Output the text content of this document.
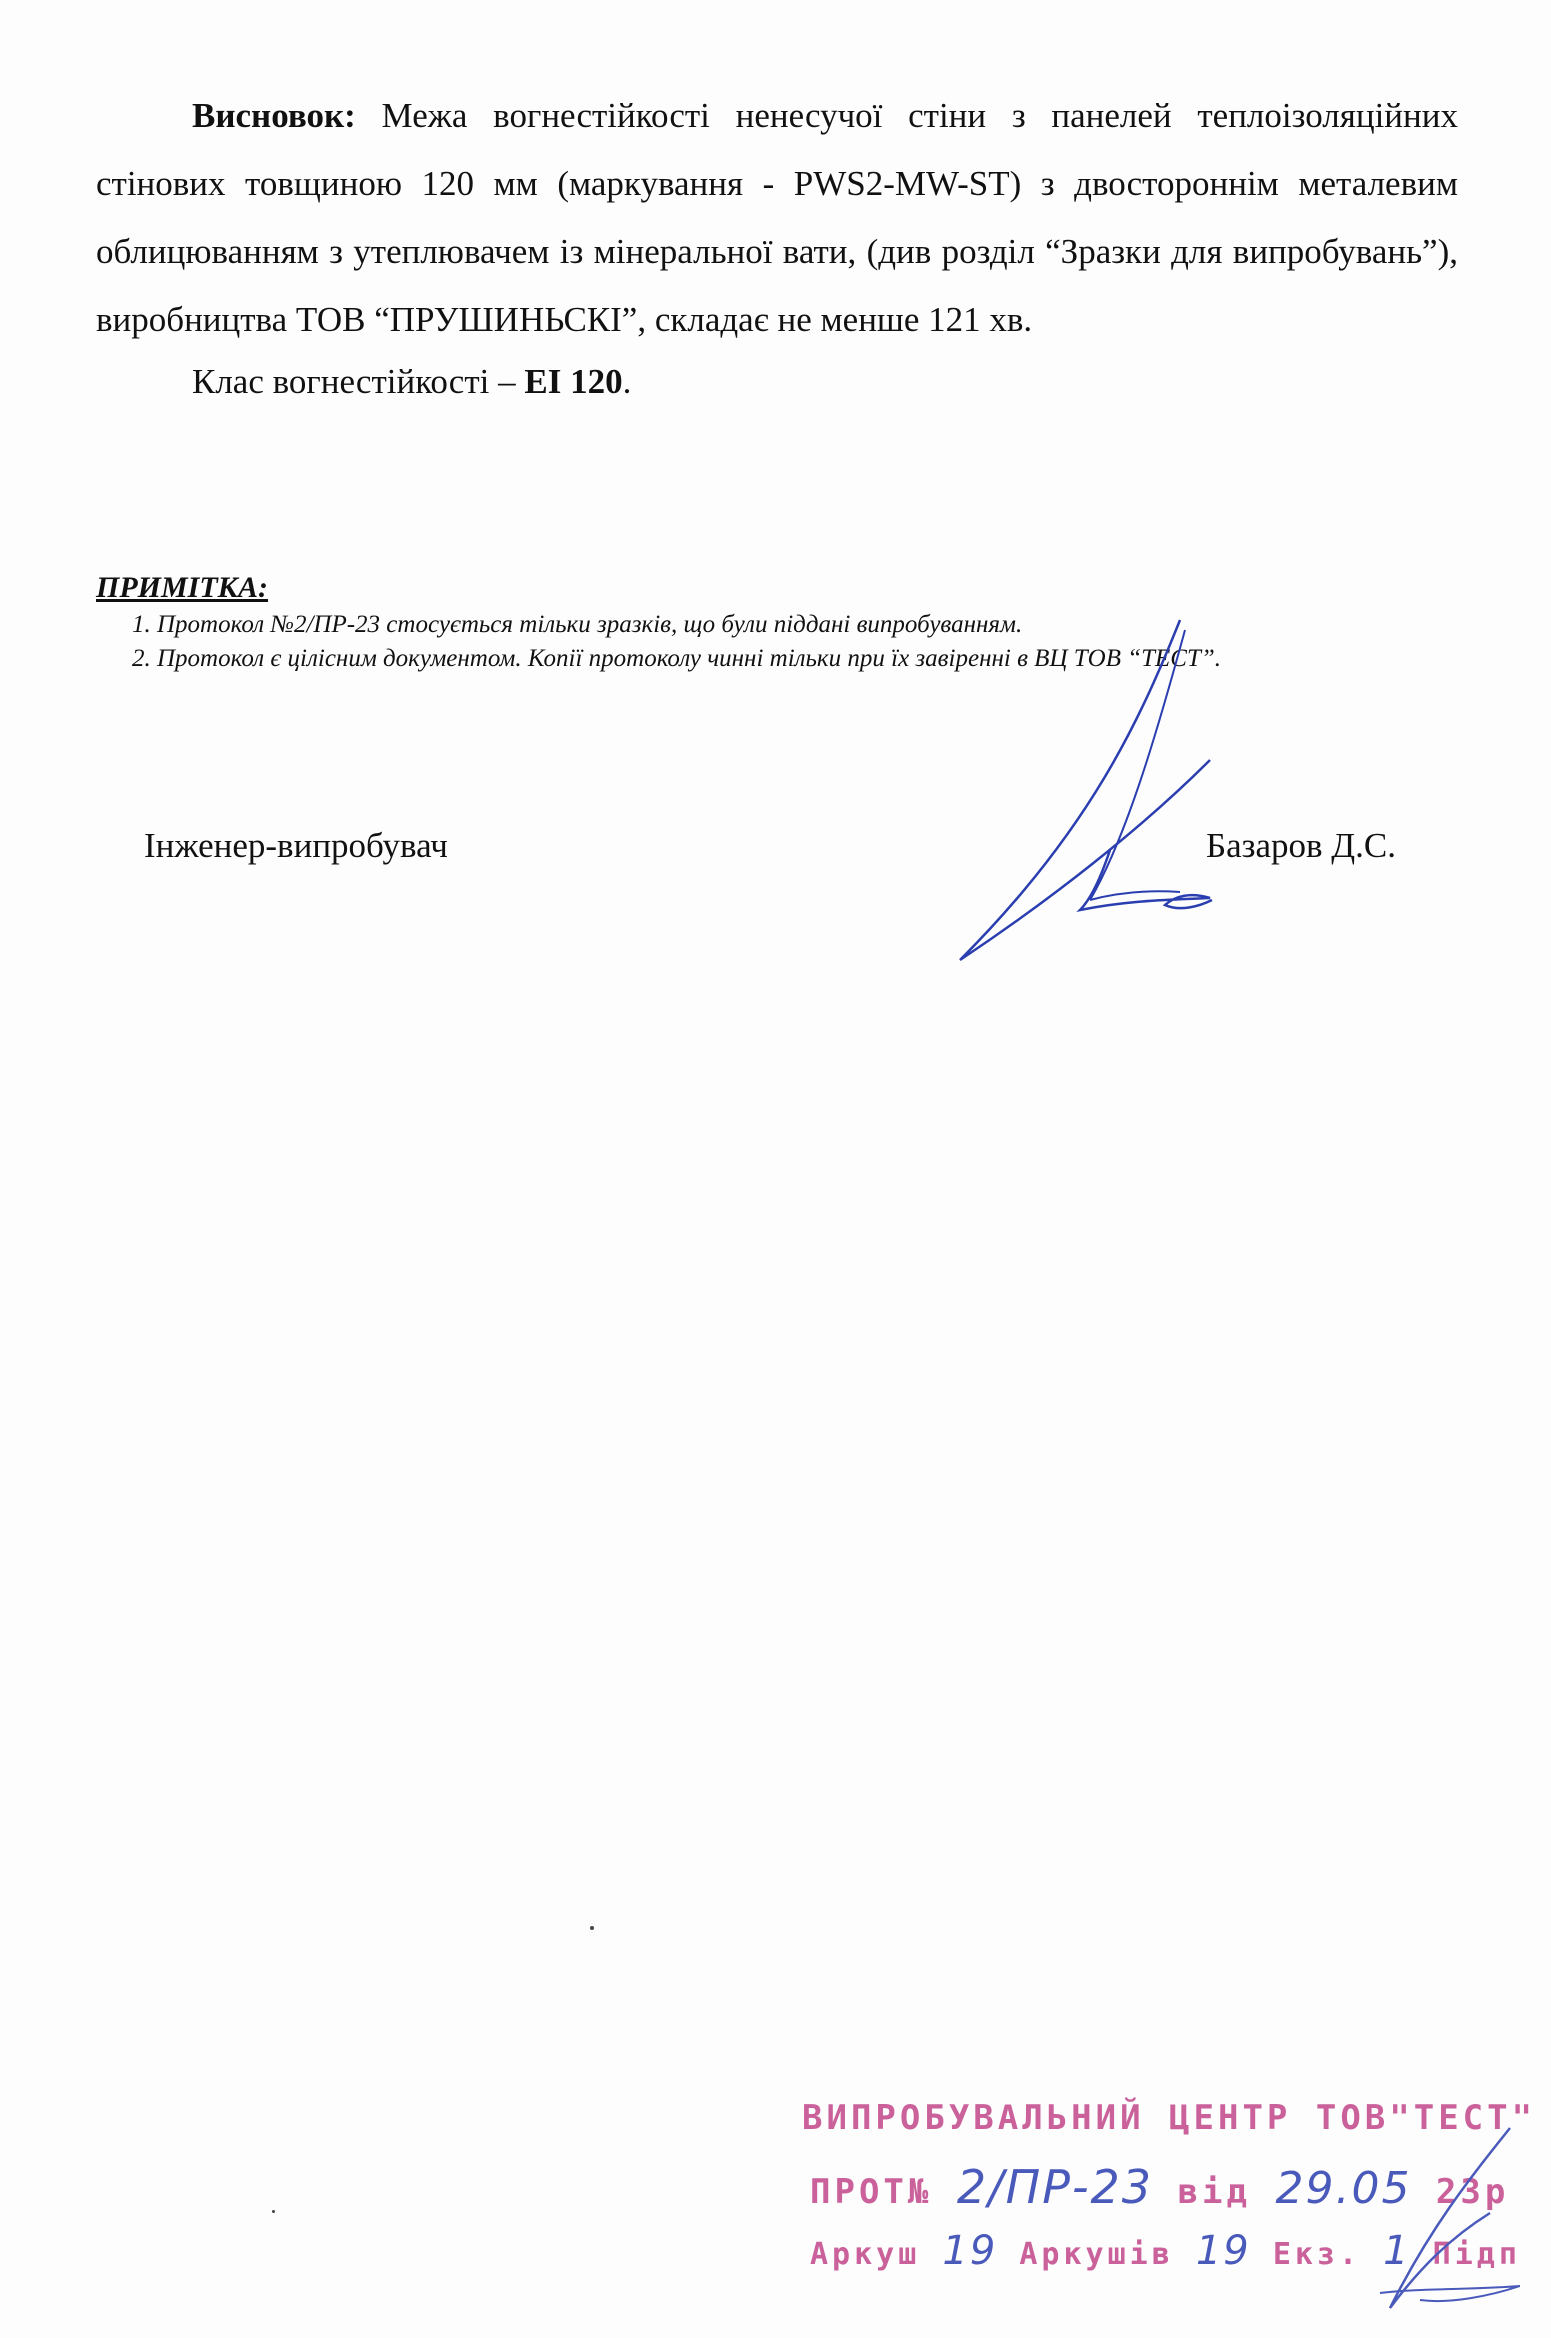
Висновок: Межа вогнестійкості ненесучої стіни з панелей теплоізоляційних стінових товщиною 120 мм (маркування - PWS2-MW-ST) з двостороннім металевим облицюванням з утеплювачем із мінеральної вати, (див розділ “Зразки для випробувань”), виробництва ТОВ “ПРУШИНЬСКІ”, складає не менше 121 хв.

Клас вогнестійкості – EI 120.
ПРИМІТКА:
1. Протокол №2/ПР-23 стосується тільки зразків, що були піддані випробуванням.
2. Протокол є цілісним документом. Копії протоколу чинні тільки при їх завіренні в ВЦ ТОВ “ТЕСТ”.
Інженер-випробувач	Базаров Д.С.
ВИПРОБУВАЛЬНИЙ ЦЕНТР ТОВ"ТЕСТ"
ПРОТ№ 2/ПР-23 від 29.05 23р
Аркуш 19 Аркушів 19 Екз. 1 Підп
